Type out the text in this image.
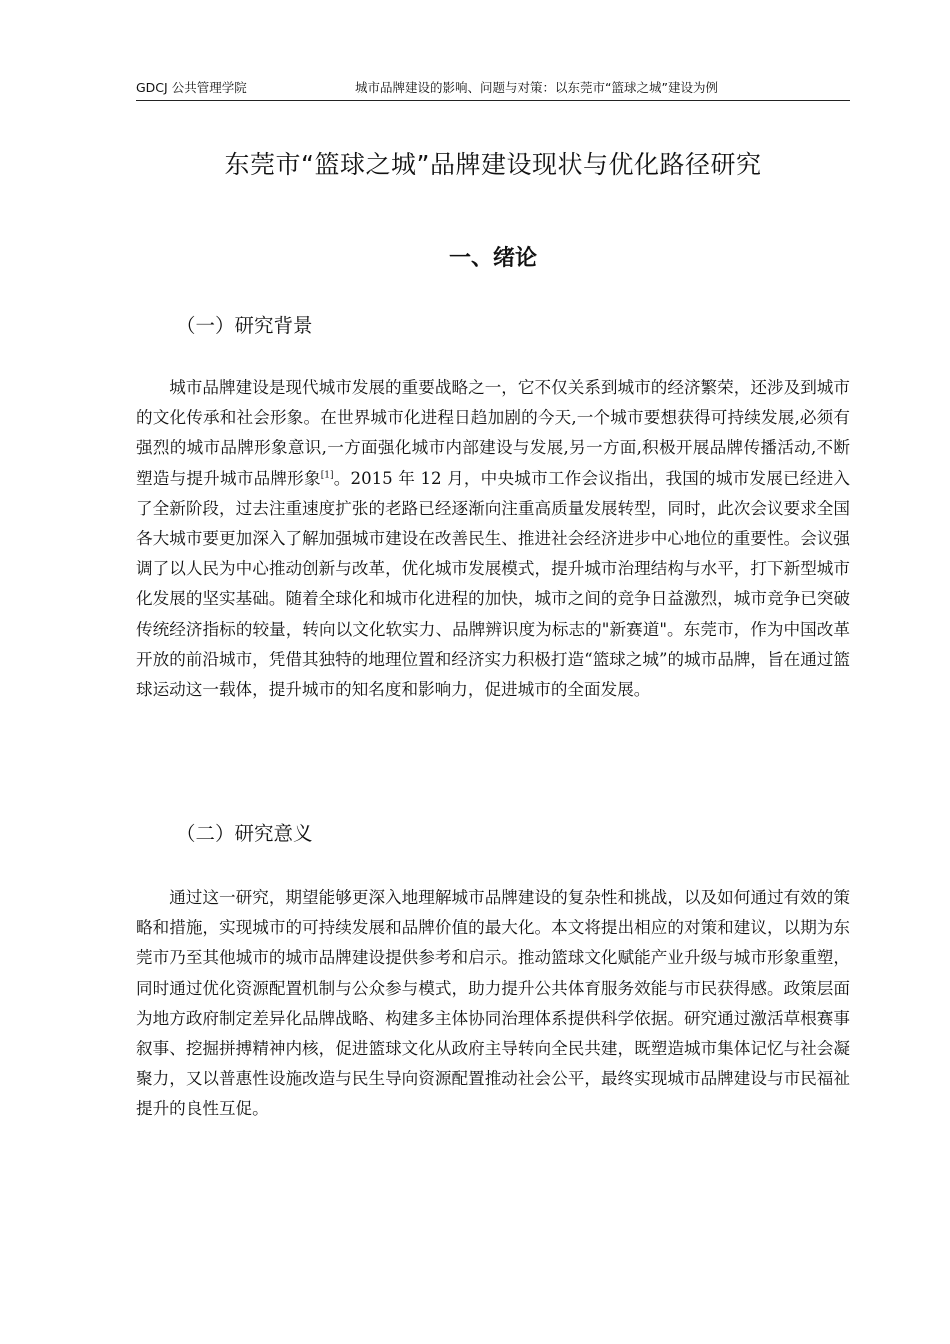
GDCJ 公共管理学院	城市品牌建设的影响、问题与对策：以东莞市“篮球之城”建设为例
东莞市“篮球之城”品牌建设现状与优化路径研究
一、绪论
（一）研究背景

城市品牌建设是现代城市发展的重要战略之一，它不仅关系到城市的经济繁荣，还涉及到城市的文化传承和社会形象。在世界城市化进程日趋加剧的今天,一个城市要想获得可持续发展,必须有强烈的城市品牌形象意识,一方面强化城市内部建设与发展,另一方面,积极开展品牌传播活动,不断塑造与提升城市品牌形象[1]。2015 年 12 月，中央城市工作会议指出，我国的城市发展已经进入了全新阶段，过去注重速度扩张的老路已经逐渐向注重高质量发展转型，同时，此次会议要求全国各大城市要更加深入了解加强城市建设在改善民生、推进社会经济进步中心地位的重要性。会议强调了以人民为中心推动创新与改革，优化城市发展模式，提升城市治理结构与水平，打下新型城市化发展的坚实基础。随着全球化和城市化进程的加快，城市之间的竞争日益激烈，城市竞争已突破传统经济指标的较量，转向以文化软实力、品牌辨识度为标志的"新赛道"。东莞市，作为中国改革开放的前沿城市，凭借其独特的地理位置和经济实力积极打造“篮球之城”的城市品牌，旨在通过篮球运动这一载体，提升城市的知名度和影响力，促进城市的全面发展。

（二）研究意义

通过这一研究，期望能够更深入地理解城市品牌建设的复杂性和挑战，以及如何通过有效的策略和措施，实现城市的可持续发展和品牌价值的最大化。本文将提出相应的对策和建议，以期为东莞市乃至其他城市的城市品牌建设提供参考和启示。推动篮球文化赋能产业升级与城市形象重塑，同时通过优化资源配置机制与公众参与模式，助力提升公共体育服务效能与市民获得感。政策层面为地方政府制定差异化品牌战略、构建多主体协同治理体系提供科学依据。研究通过激活草根赛事叙事、挖掘拼搏精神内核，促进篮球文化从政府主导转向全民共建，既塑造城市集体记忆与社会凝聚力，又以普惠性设施改造与民生导向资源配置推动社会公平，最终实现城市品牌建设与市民福祉提升的良性互促。
